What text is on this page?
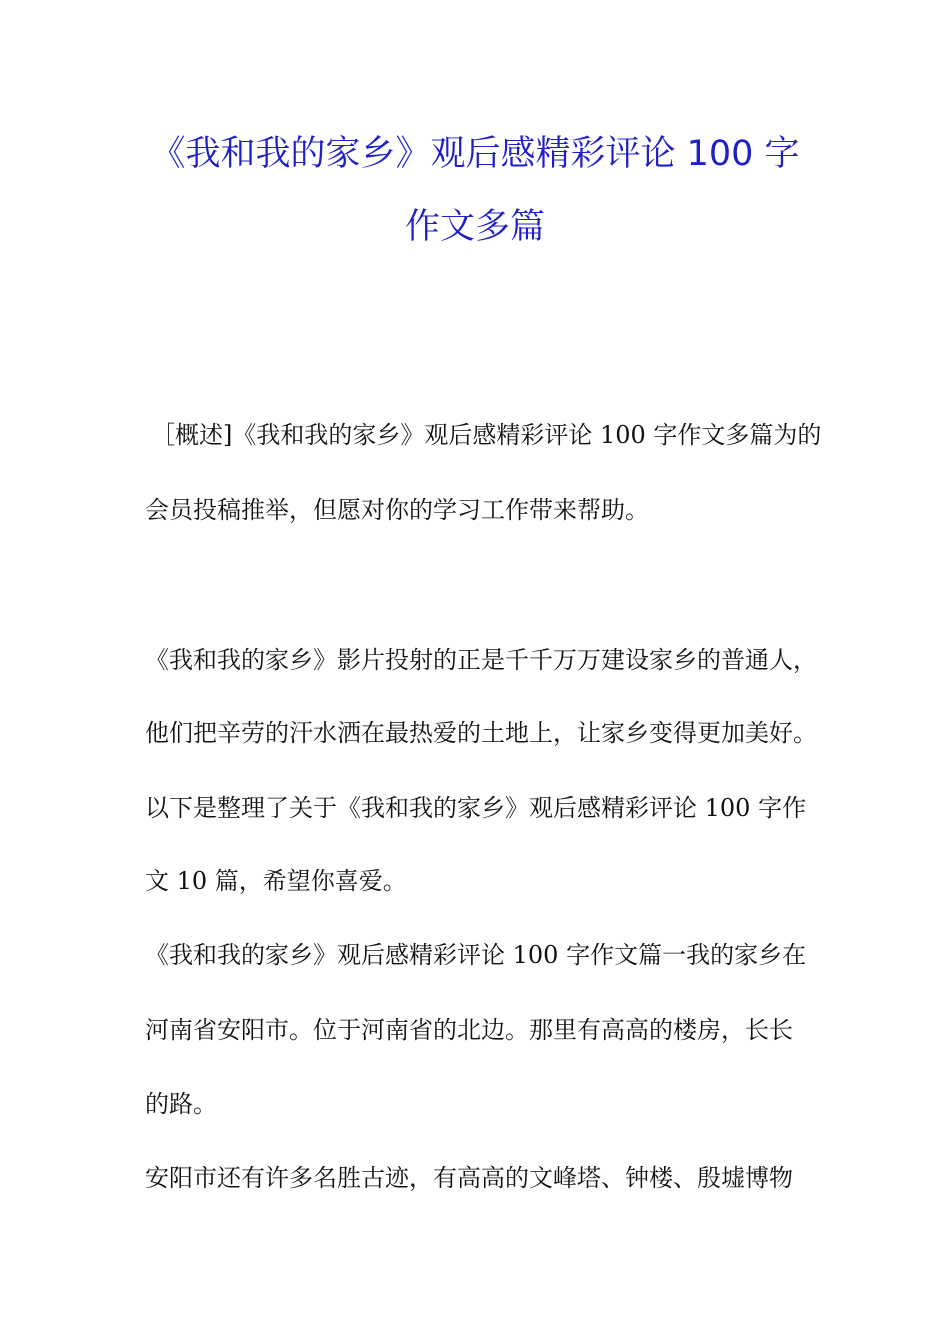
《我和我的家乡》观后感精彩评论 100 字
作文多篇
［概述]《我和我的家乡》观后感精彩评论 100 字作文多篇为的
会员投稿推举，但愿对你的学习工作带来帮助。
《我和我的家乡》影片投射的正是千千万万建设家乡的普通人，
他们把辛劳的汗水洒在最热爱的土地上，让家乡变得更加美好。
以下是整理了关于《我和我的家乡》观后感精彩评论 100 字作
文 10 篇，希望你喜爱。
《我和我的家乡》观后感精彩评论 100 字作文篇一我的家乡在
河南省安阳市。位于河南省的北边。那里有高高的楼房，长长
的路。
安阳市还有许多名胜古迹，有高高的文峰塔、钟楼、殷墟博物
